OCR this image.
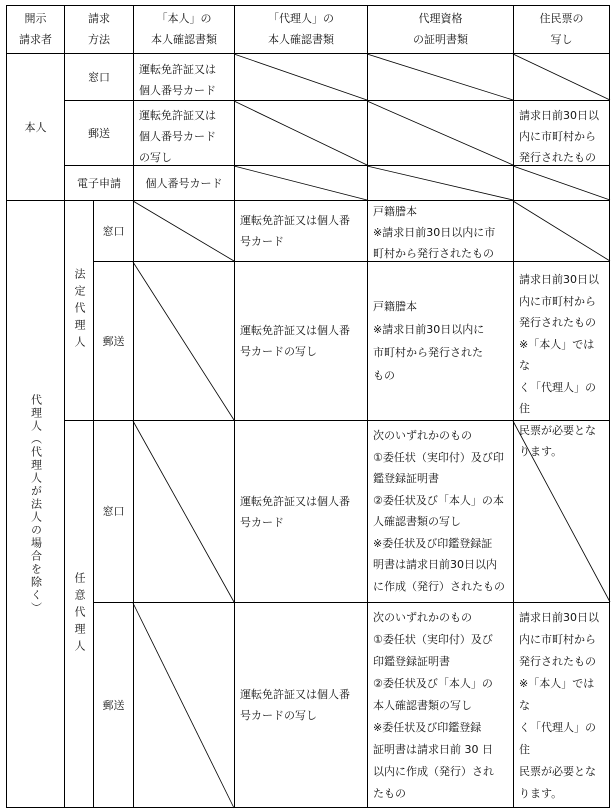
開示
請求者
請求
方法
「本人」の
本人確認書類
「代理人」の
本人確認書類
代理資格
の証明書類
住民票の
写し
本人
窓口
運転免許証又は
個人番号カード
郵送
運転免許証又は
個人番号カード
の写し
請求日前30日以
内に市町村から
発行されたもの
電子申請 個人番号カード
代理人（代理人が法人の場合を除く）
法定代理人
任意代理人
窓口
運転免許証又は個人番
号カード
戸籍謄本
※請求日前30日以内に市
町村から発行されたもの
郵送
運転免許証又は個人番
号カードの写し
戸籍謄本
※請求日前30日以内に
市町村から発行された
もの
請求日前30日以
内に市町村から
発行されたもの
※「本人」ではな
く「代理人」の住
民票が必要とな
ります。
窓口
運転免許証又は個人番
号カード
次のいずれかのもの
①委任状（実印付）及び印
鑑登録証明書
②委任状及び「本人」の本
人確認書類の写し
※委任状及び印鑑登録証
明書は請求日前30日以内
に作成（発行）されたもの
郵送
運転免許証又は個人番
号カードの写し
次のいずれかのもの
①委任状（実印付）及び
印鑑登録証明書
②委任状及び「本人」の
本人確認書類の写し
※委任状及び印鑑登録
証明書は請求日前 30 日
以内に作成（発行）され
たもの
請求日前30日以
内に市町村から
発行されたもの
※「本人」ではな
く「代理人」の住
民票が必要とな
ります。
